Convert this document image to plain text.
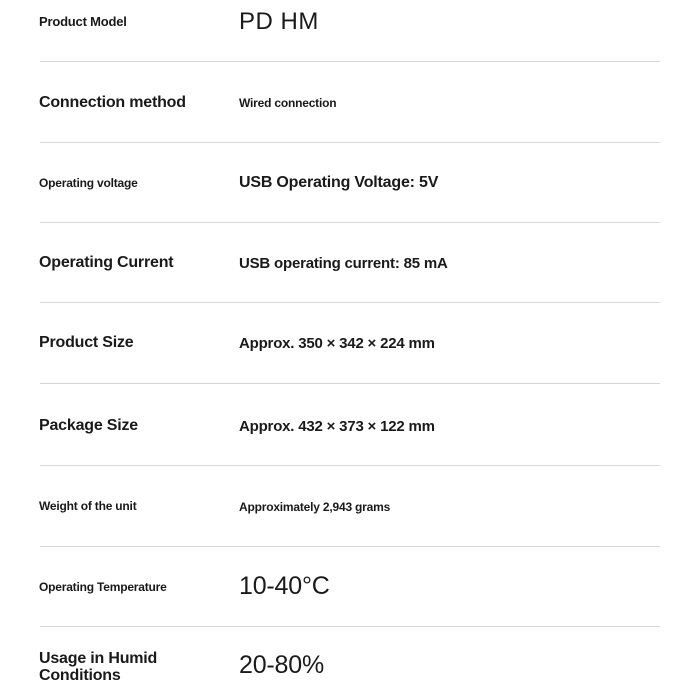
Product Model	PD HM
Connection method	Wired connection
Operating voltage	USB Operating Voltage: 5V
Operating Current	USB operating current: 85 mA
Product Size	Approx. 350 × 342 × 224 mm
Package Size	Approx. 432 × 373 × 122 mm
Weight of the unit	Approximately 2,943 grams
Operating Temperature	10-40°C
Usage in Humid
Conditions	20-80%
